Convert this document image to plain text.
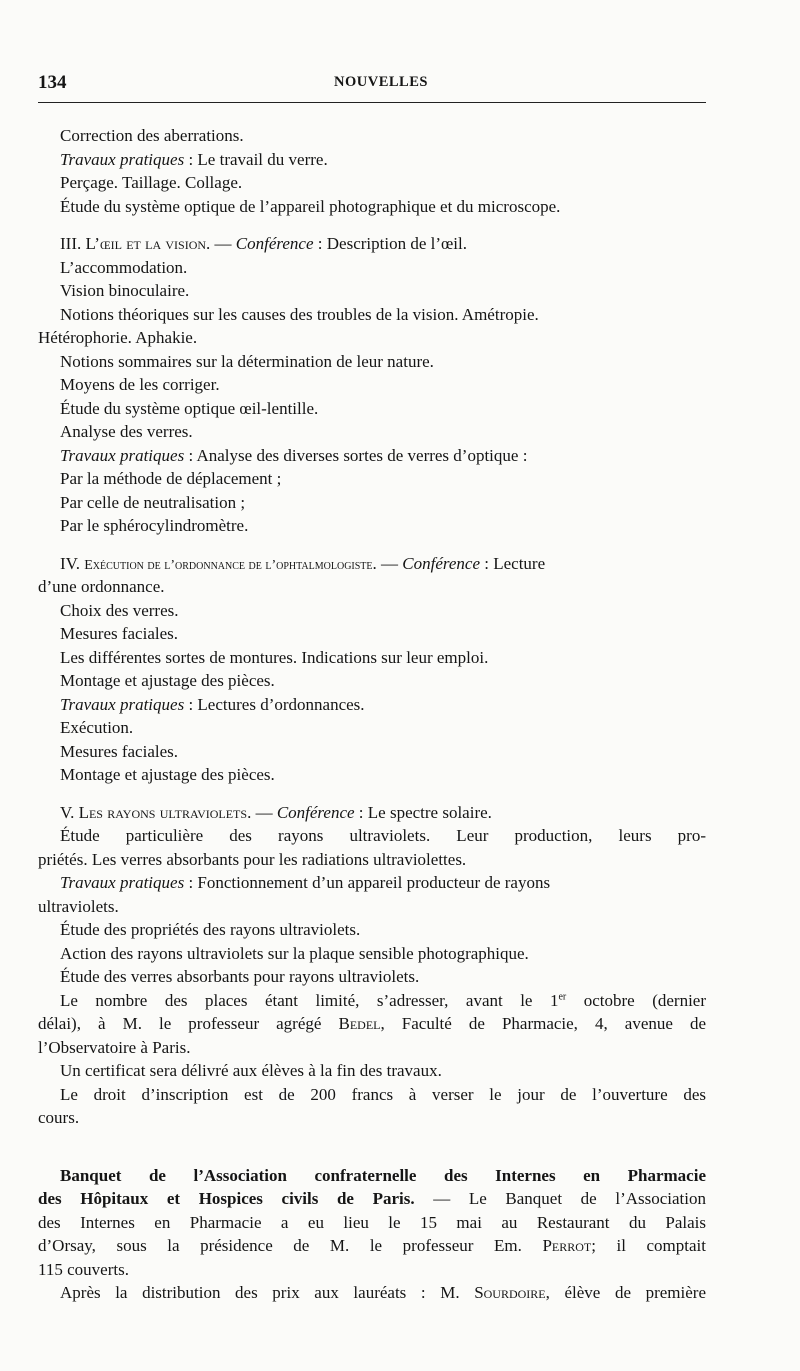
134	NOUVELLES
Correction des aberrations.
Travaux pratiques : Le travail du verre.
Perçage. Taillage. Collage.
Étude du système optique de l’appareil photographique et du microscope.
III. L’œil et la vision. — Conférence : Description de l’œil.
L’accommodation.
Vision binoculaire.
Notions théoriques sur les causes des troubles de la vision. Amétropie.
Hétérophorie. Aphakie.
Notions sommaires sur la détermination de leur nature.
Moyens de les corriger.
Étude du système optique œil-lentille.
Analyse des verres.
Travaux pratiques : Analyse des diverses sortes de verres d’optique :
Par la méthode de déplacement ;
Par celle de neutralisation ;
Par le sphérocylindromètre.
IV. Exécution de l’ordonnance de l’ophtalmologiste. — Conférence : Lecture
d’une ordonnance.
Choix des verres.
Mesures faciales.
Les différentes sortes de montures. Indications sur leur emploi.
Montage et ajustage des pièces.
Travaux pratiques : Lectures d’ordonnances.
Exécution.
Mesures faciales.
Montage et ajustage des pièces.
V. Les rayons ultraviolets. — Conférence : Le spectre solaire.
Étude particulière des rayons ultraviolets. Leur production, leurs pro-
priétés. Les verres absorbants pour les radiations ultraviolettes.
Travaux pratiques : Fonctionnement d’un appareil producteur de rayons
ultraviolets.
Étude des propriétés des rayons ultraviolets.
Action des rayons ultraviolets sur la plaque sensible photographique.
Étude des verres absorbants pour rayons ultraviolets.
Le nombre des places étant limité, s’adresser, avant le 1er octobre (dernier
délai), à M. le professeur agrégé Bedel, Faculté de Pharmacie, 4, avenue de
l’Observatoire à Paris.
Un certificat sera délivré aux élèves à la fin des travaux.
Le droit d’inscription est de 200 francs à verser le jour de l’ouverture des
cours.
Banquet de l’Association confraternelle des Internes en Pharmacie
des Hôpitaux et Hospices civils de Paris. — Le Banquet de l’Association
des Internes en Pharmacie a eu lieu le 15 mai au Restaurant du Palais
d’Orsay, sous la présidence de M. le professeur Em. Perrot; il comptait
115 couverts.
Après la distribution des prix aux lauréats : M. Sourdoire, élève de première
